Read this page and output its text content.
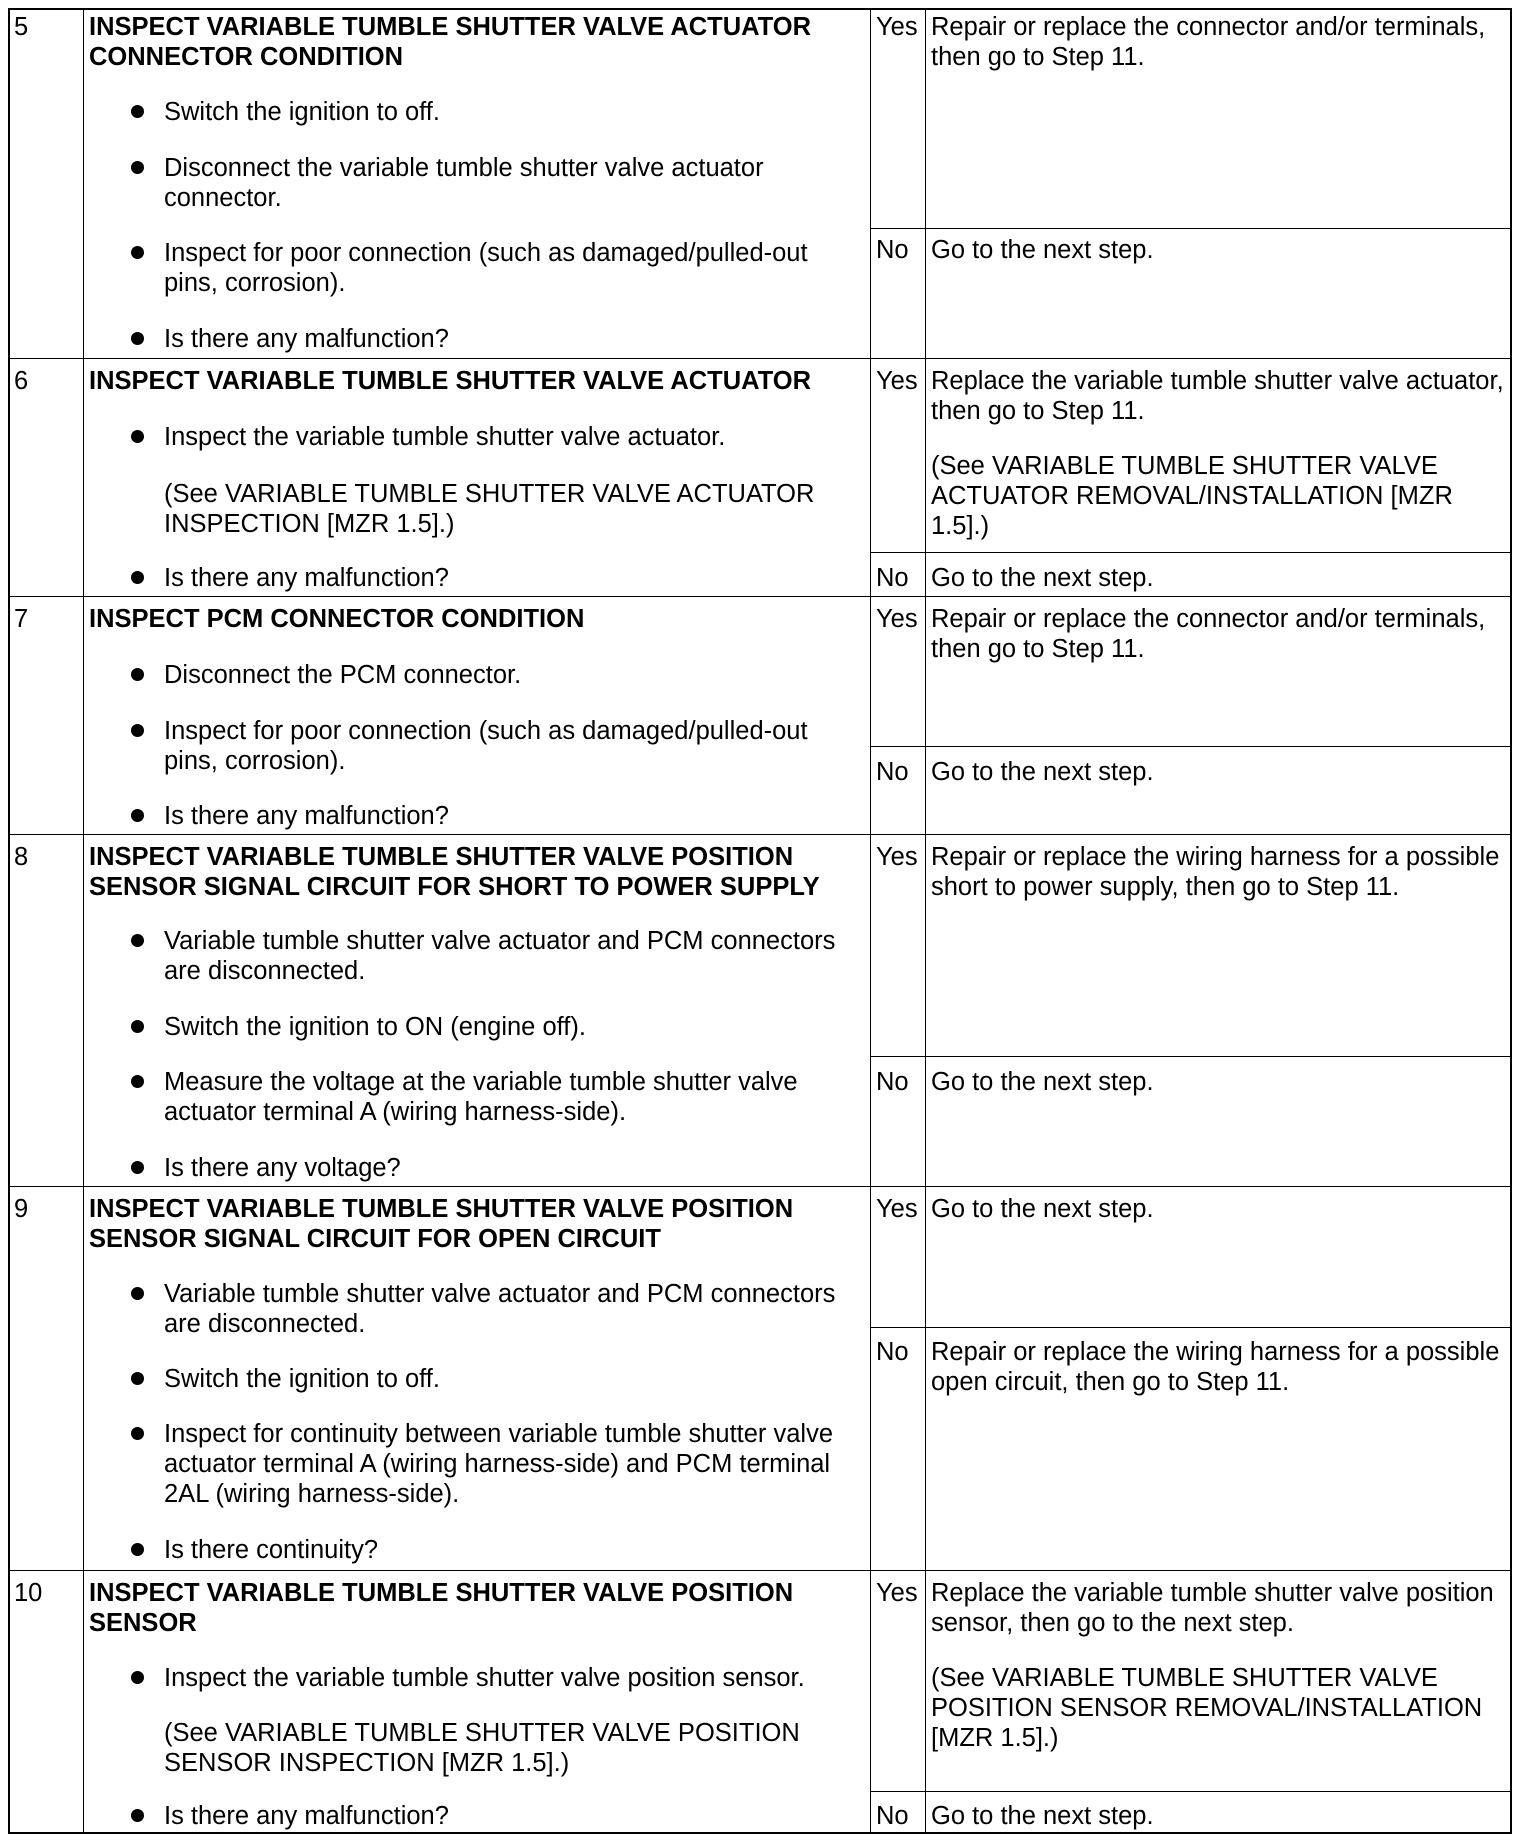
5 INSPECT VARIABLE TUMBLE SHUTTER VALVE ACTUATOR
CONNECTOR CONDITION
Switch the ignition to off.
Disconnect the variable tumble shutter valve actuator
connector.
Inspect for poor connection (such as damaged/pulled-out
pins, corrosion).
Is there any malfunction?
Yes Repair or replace the connector and/or terminals,
then go to Step 11.
No Go to the next step.
6 INSPECT VARIABLE TUMBLE SHUTTER VALVE ACTUATOR
Inspect the variable tumble shutter valve actuator.
(See VARIABLE TUMBLE SHUTTER VALVE ACTUATOR
INSPECTION [MZR 1.5].)
Is there any malfunction?
Yes Replace the variable tumble shutter valve actuator,
then go to Step 11.
(See VARIABLE TUMBLE SHUTTER VALVE
ACTUATOR REMOVAL/INSTALLATION [MZR
1.5].)
No Go to the next step.
7 INSPECT PCM CONNECTOR CONDITION
Disconnect the PCM connector.
Inspect for poor connection (such as damaged/pulled-out
pins, corrosion).
Is there any malfunction?
Yes Repair or replace the connector and/or terminals,
then go to Step 11.
No Go to the next step.
8 INSPECT VARIABLE TUMBLE SHUTTER VALVE POSITION
SENSOR SIGNAL CIRCUIT FOR SHORT TO POWER SUPPLY
Variable tumble shutter valve actuator and PCM connectors
are disconnected.
Switch the ignition to ON (engine off).
Measure the voltage at the variable tumble shutter valve
actuator terminal A (wiring harness-side).
Is there any voltage?
Yes Repair or replace the wiring harness for a possible
short to power supply, then go to Step 11.
No Go to the next step.
9 INSPECT VARIABLE TUMBLE SHUTTER VALVE POSITION
SENSOR SIGNAL CIRCUIT FOR OPEN CIRCUIT
Variable tumble shutter valve actuator and PCM connectors
are disconnected.
Switch the ignition to off.
Inspect for continuity between variable tumble shutter valve
actuator terminal A (wiring harness-side) and PCM terminal
2AL (wiring harness-side).
Is there continuity?
Yes Go to the next step.
No Repair or replace the wiring harness for a possible
open circuit, then go to Step 11.
10 INSPECT VARIABLE TUMBLE SHUTTER VALVE POSITION
SENSOR
Inspect the variable tumble shutter valve position sensor.
(See VARIABLE TUMBLE SHUTTER VALVE POSITION
SENSOR INSPECTION [MZR 1.5].)
Is there any malfunction?
Yes Replace the variable tumble shutter valve position
sensor, then go to the next step.
(See VARIABLE TUMBLE SHUTTER VALVE
POSITION SENSOR REMOVAL/INSTALLATION
[MZR 1.5].)
No Go to the next step.
